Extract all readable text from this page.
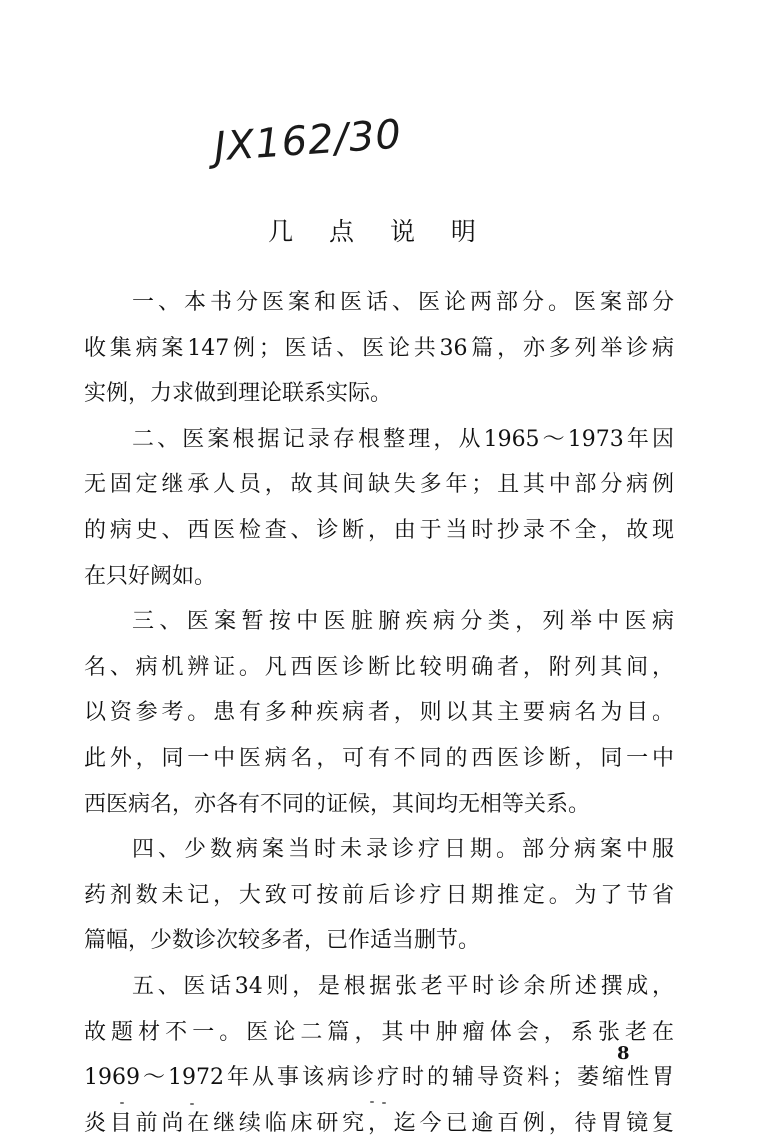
JX162/30
几 点 说 明
一、本书分医案和医话、医论两部分。医案部分
收集病案147例；医话、医论共36篇，亦多列举诊病
实例，力求做到理论联系实际。
二、医案根据记录存根整理，从1965～1973年因
无固定继承人员，故其间缺失多年；且其中部分病例
的病史、西医检查、诊断，由于当时抄录不全，故现
在只好阙如。
三、医案暂按中医脏腑疾病分类，列举中医病
名、病机辨证。凡西医诊断比较明确者，附列其间，
以资参考。患有多种疾病者，则以其主要病名为目。
此外，同一中医病名，可有不同的西医诊断，同一中
西医病名，亦各有不同的证候，其间均无相等关系。
四、少数病案当时未录诊疗日期。部分病案中服
药剂数未记，大致可按前后诊疗日期推定。为了节省
篇幅，少数诊次较多者，已作适当删节。
五、医话34则，是根据张老平时诊余所述撰成，
故题材不一。医论二篇，其中肿瘤体会，系张老在
1969～1972年从事该病诊疗时的辅导资料；萎缩性胃
炎目前尚在继续临床研究，迄今已逾百例，待胃镜复
8
